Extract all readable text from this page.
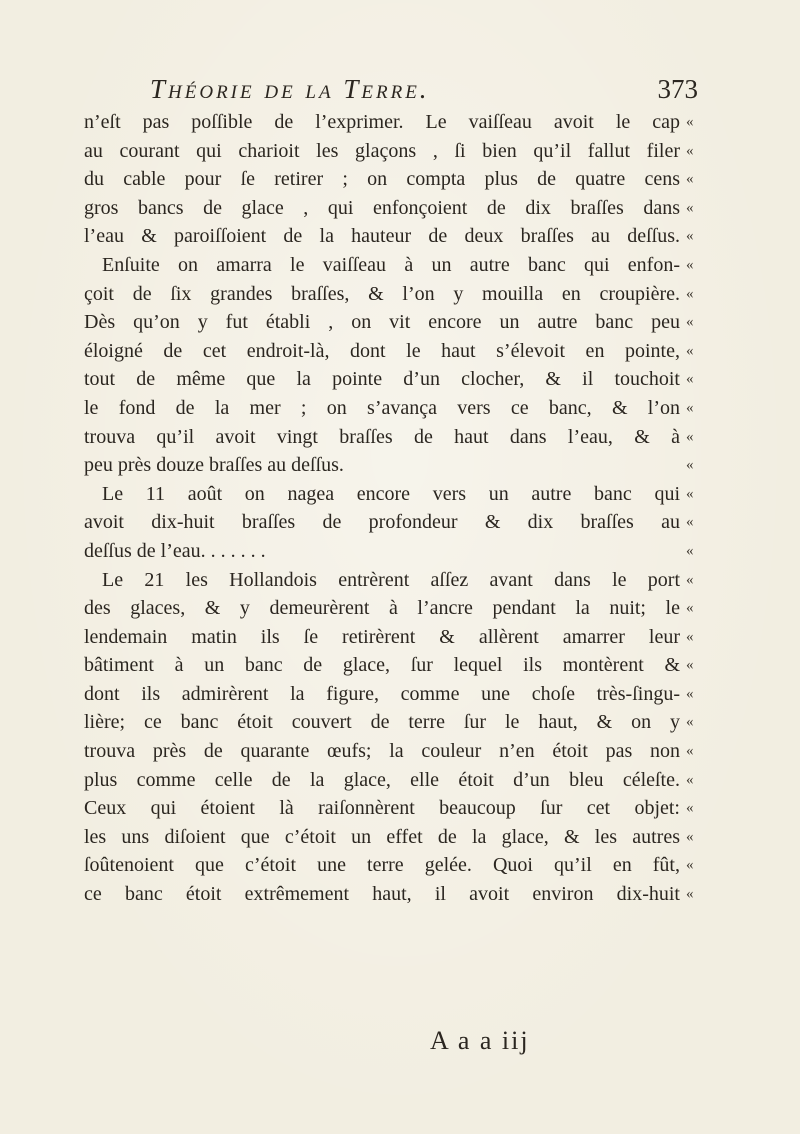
Théorie de la Terre.	373
n’eſt pas poſſible de l’exprimer. Le vaiſſeau avoit le cap «
au courant qui charioit les glaçons , ſi bien qu’il fallut filer «
du cable pour ſe retirer ; on compta plus de quatre cens «
gros bancs de glace , qui enfonçoient de dix braſſes dans «
l’eau & paroiſſoient de la hauteur de deux braſſes au deſſus. «
Enſuite on amarra le vaiſſeau à un autre banc qui enfon- «
çoit de ſix grandes braſſes, & l’on y mouilla en croupière. «
Dès qu’on y fut établi , on vit encore un autre banc peu «
éloigné de cet endroit-là, dont le haut s’élevoit en pointe, «
tout de même que la pointe d’un clocher, & il touchoit «
le fond de la mer ; on s’avança vers ce banc, & l’on «
trouva qu’il avoit vingt braſſes de haut dans l’eau, & à «
peu près douze braſſes au deſſus.	«
Le 11 août on nagea encore vers un autre banc qui «
avoit dix-huit braſſes de profondeur & dix braſſes au «
deſſus de l’eau. . . . . . .	«
Le 21 les Hollandois entrèrent aſſez avant dans le port «
des glaces, & y demeurèrent à l’ancre pendant la nuit; le «
lendemain matin ils ſe retirèrent & allèrent amarrer leur «
bâtiment à un banc de glace, ſur lequel ils montèrent & «
dont ils admirèrent la figure, comme une choſe très-ſingu- «
lière; ce banc étoit couvert de terre ſur le haut, & on y «
trouva près de quarante œufs; la couleur n’en étoit pas non «
plus comme celle de la glace, elle étoit d’un bleu céleſte. «
Ceux qui étoient là raiſonnèrent beaucoup ſur cet objet: «
les uns diſoient que c’étoit un effet de la glace, & les autres «
ſoûtenoient que c’étoit une terre gelée. Quoi qu’il en fût, «
ce banc étoit extrêmement haut, il avoit environ dix-huit «
A a a iij
